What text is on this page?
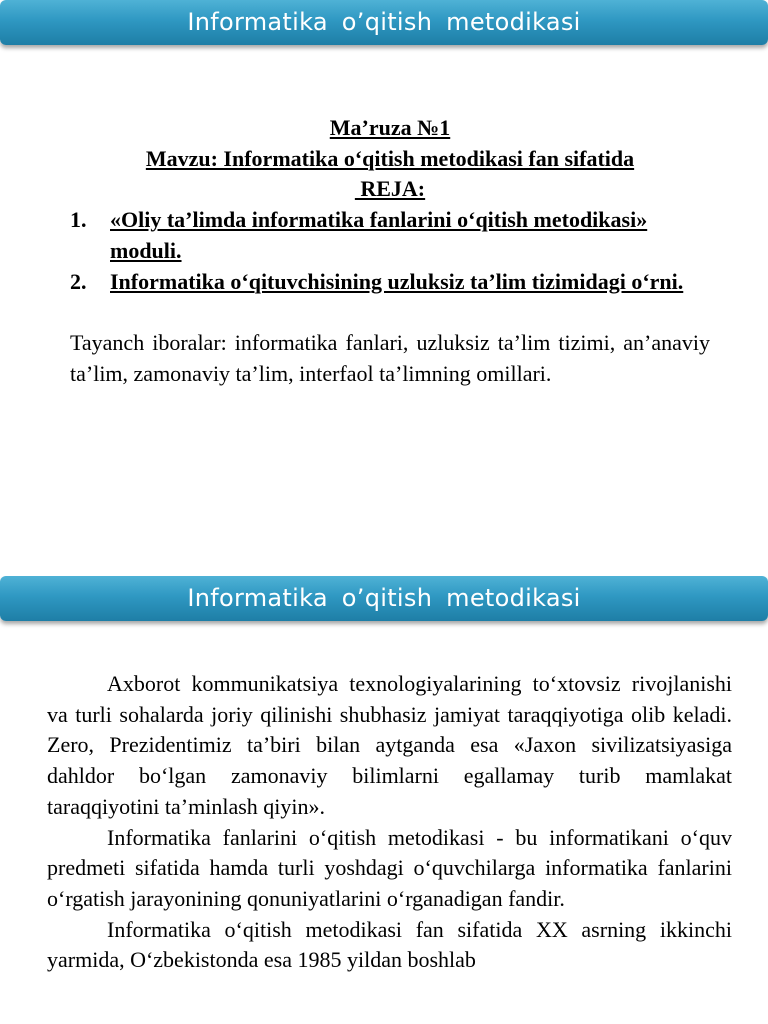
Informatika o’qitish metodikasi
Ma’ruza №1
Mavzu: Informatika o‘qitish metodikasi fan sifatida
REJA:
1.	«Oliy ta’limda informatika fanlarini o‘qitish metodikasi» moduli.
2.	Informatika o‘qituvchisining uzluksiz ta’lim tizimidagi o‘rni.
Tayanch iboralar: informatika fanlari, uzluksiz ta’lim tizimi, an’anaviy ta’lim, zamonaviy ta’lim, interfaol ta’limning omillari.
Informatika o’qitish metodikasi

Axborot kommunikatsiya texnologiyalarining to‘xtovsiz rivojlanishi va turli sohalarda joriy qilinishi shubhasiz jamiyat taraqqiyotiga olib keladi. Zero, Prezidentimiz ta’biri bilan aytganda esa «Jaxon sivilizatsiyasiga dahldor bo‘lgan zamonaviy bilimlarni egallamay turib mamlakat taraqqiyotini ta’minlash qiyin».

Informatika fanlarini o‘qitish metodikasi - bu informatikani o‘quv predmeti sifatida hamda turli yoshdagi o‘quvchilarga informatika fanlarini o‘rgatish jarayonining qonuniyatlarini o‘rganadigan fandir.

Informatika o‘qitish metodikasi fan sifatida XX asrning ikkinchi yarmida, O‘zbekistonda esa 1985 yildan boshlab
